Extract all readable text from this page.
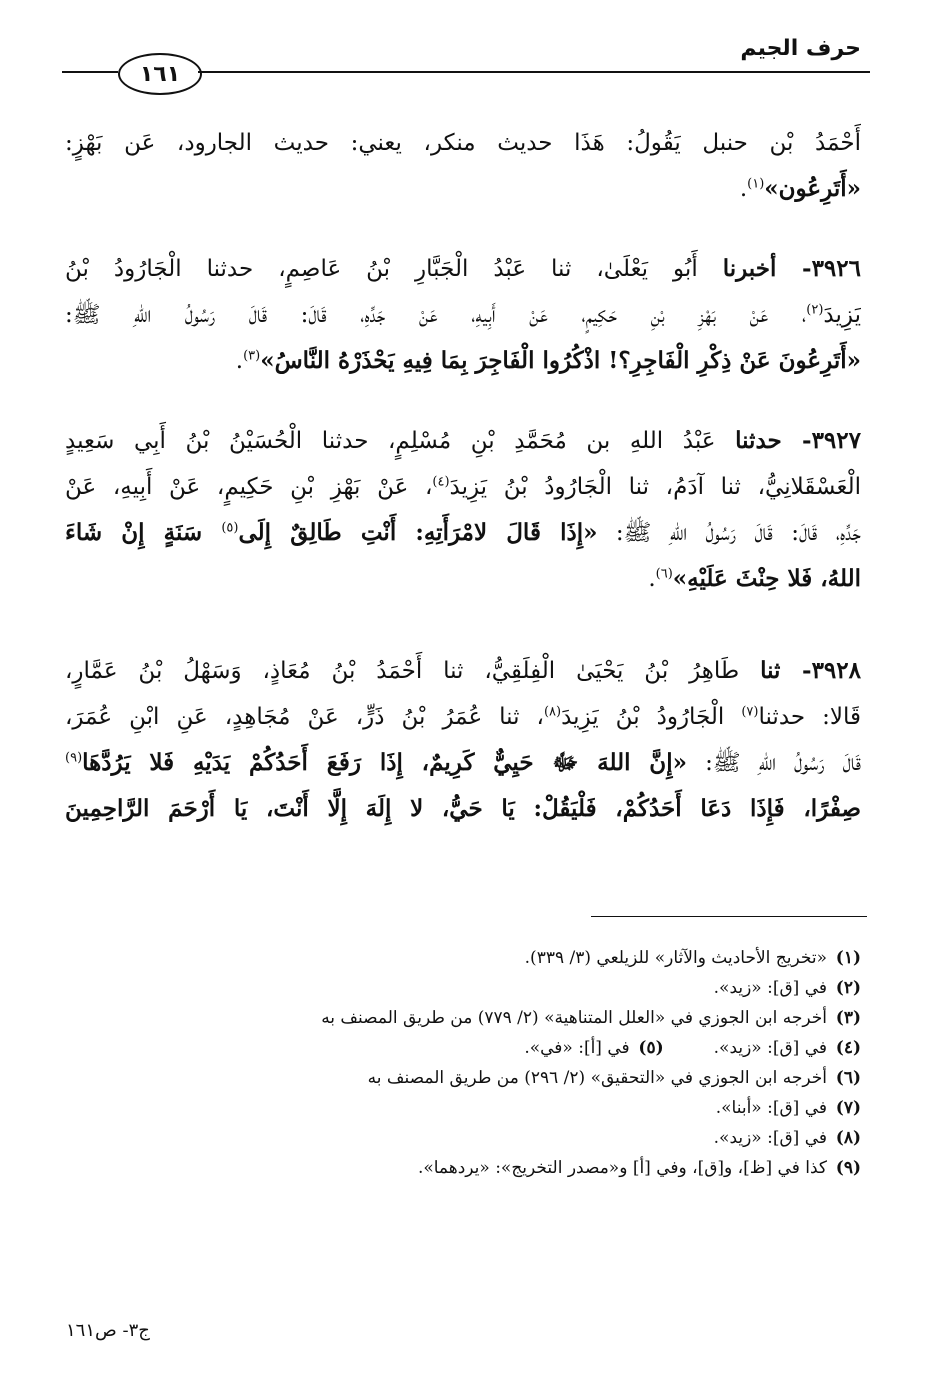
حرف الجيم
١٦١
أَحْمَدُ بْن حنبل يَقُولُ: هَذَا حديث منكر، يعني: حديث الجارود، عَن بَهْزٍ:
«أَتَرِعُون»$^{(١)}$.
٣٩٢٦- أخبرنا أَبُو يَعْلَىٰ، ثنا عَبْدُ الْجَبَّارِ بْنُ عَاصِمٍ، حدثنا الْجَارُودُ بْنُ
يَزِيدَ$^{(٢)}$، عَنْ بَهْزِ بْنِ حَكِيمٍ، عَنْ أَبِيهِ، عَنْ جَدِّهِ، قَالَ: قَالَ رَسُولُ اللهِ ﷺ:
«أَتَرِعُونَ عَنْ ذِكْرِ الْفَاجِرِ؟! اذْكُرُوا الْفَاجِرَ بِمَا فِيهِ يَحْذَرْهُ النَّاسُ»$^{(٣)}$.
٣٩٢٧- حدثنا عَبْدُ اللهِ بن مُحَمَّدِ بْنِ مُسْلِمٍ، حدثنا الْحُسَيْنُ بْنُ أَبِي سَعِيدٍ
الْعَسْقَلانِيُّ، ثنا آدَمُ، ثنا الْجَارُودُ بْنُ يَزِيدَ$^{(٤)}$، عَنْ بَهْزِ بْنِ حَكِيمٍ، عَنْ أَبِيهِ، عَنْ
جَدِّهِ، قَالَ: قَالَ رَسُولُ اللهِ ﷺ: «إِذَا قَالَ لامْرَأَتِهِ: أَنْتِ طَالِقٌ إِلَى$^{(٥)}$ سَنَةٍ إِنْ شَاءَ
اللهُ، فَلا حِنْثَ عَلَيْهِ»$^{(٦)}$.
٣٩٢٨- ثنا طَاهِرُ بْنُ يَحْيَىٰ الْفِلَقِيُّ، ثنا أَحْمَدُ بْنُ مُعَاذٍ، وَسَهْلُ بْنُ عَمَّارٍ،
قَالا: حدثنا$^{(٧)}$ الْجَارُودُ بْنُ يَزِيدَ$^{(٨)}$، ثنا عُمَرُ بْنُ ذَرٍّ، عَنْ مُجَاهِدٍ، عَنِ ابْنِ عُمَرَ،
قَالَ رَسُولُ اللهِ ﷺ: «إِنَّ اللهَ ﷻ حَيِيٌّ كَرِيمٌ، إِذَا رَفَعَ أَحَدُكُمْ يَدَيْهِ فَلا يَرُدَّهَا$^{(٩)}$
صِفْرًا، فَإِذَا دَعَا أَحَدُكُمْ، فَلْيَقُلْ: يَا حَيُّ، لا إِلَهَ إِلَّا أَنْتَ، يَا أَرْحَمَ الرَّاحِمِينَ
(١)
«تخريج الأحاديث والآثار» للزيلعي (٣/ ٣٣٩).
(٢)
في [ق]: «زيد».
(٣)
أخرجه ابن الجوزي في «العلل المتناهية» (٢/ ٧٧٩) من طريق المصنف به
(٤)
في [ق]: «زيد».
(٥)
في [أ]: «في».
(٦)
أخرجه ابن الجوزي في «التحقيق» (٢/ ٢٩٦) من طريق المصنف به
(٧)
في [ق]: «أبنا».
(٨)
في [ق]: «زيد».
(٩)
كذا في [ظ]، و[ق]، وفي [أ] و«مصدر التخريج»: «يردهما».
ج٣- ص١٦١
